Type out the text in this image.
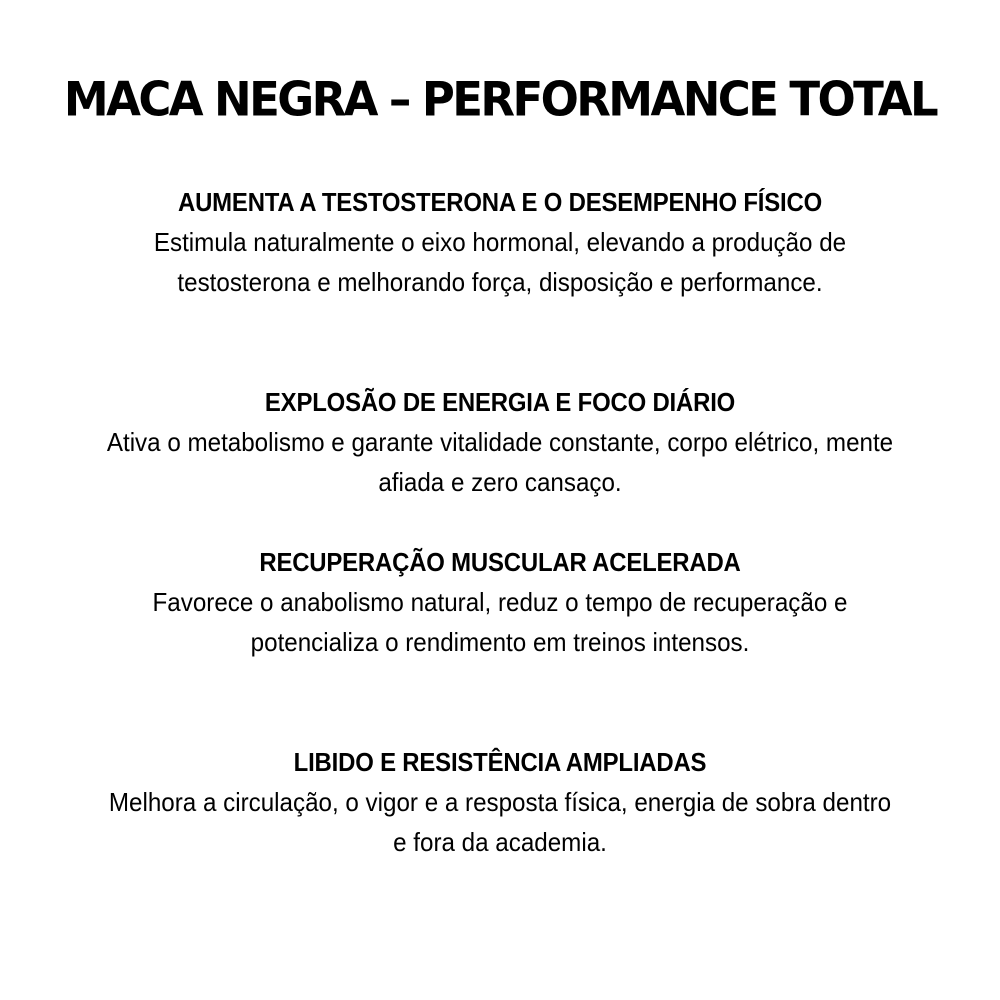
MACA NEGRA – PERFORMANCE TOTAL
AUMENTA A TESTOSTERONA E O DESEMPENHO FÍSICO
Estimula naturalmente o eixo hormonal, elevando a produção de testosterona e melhorando força, disposição e performance.
EXPLOSÃO DE ENERGIA E FOCO DIÁRIO
Ativa o metabolismo e garante vitalidade constante, corpo elétrico, mente afiada e zero cansaço.
RECUPERAÇÃO MUSCULAR ACELERADA
Favorece o anabolismo natural, reduz o tempo de recuperação e potencializa o rendimento em treinos intensos.
LIBIDO E RESISTÊNCIA AMPLIADAS
Melhora a circulação, o vigor e a resposta física, energia de sobra dentro e fora da academia.
